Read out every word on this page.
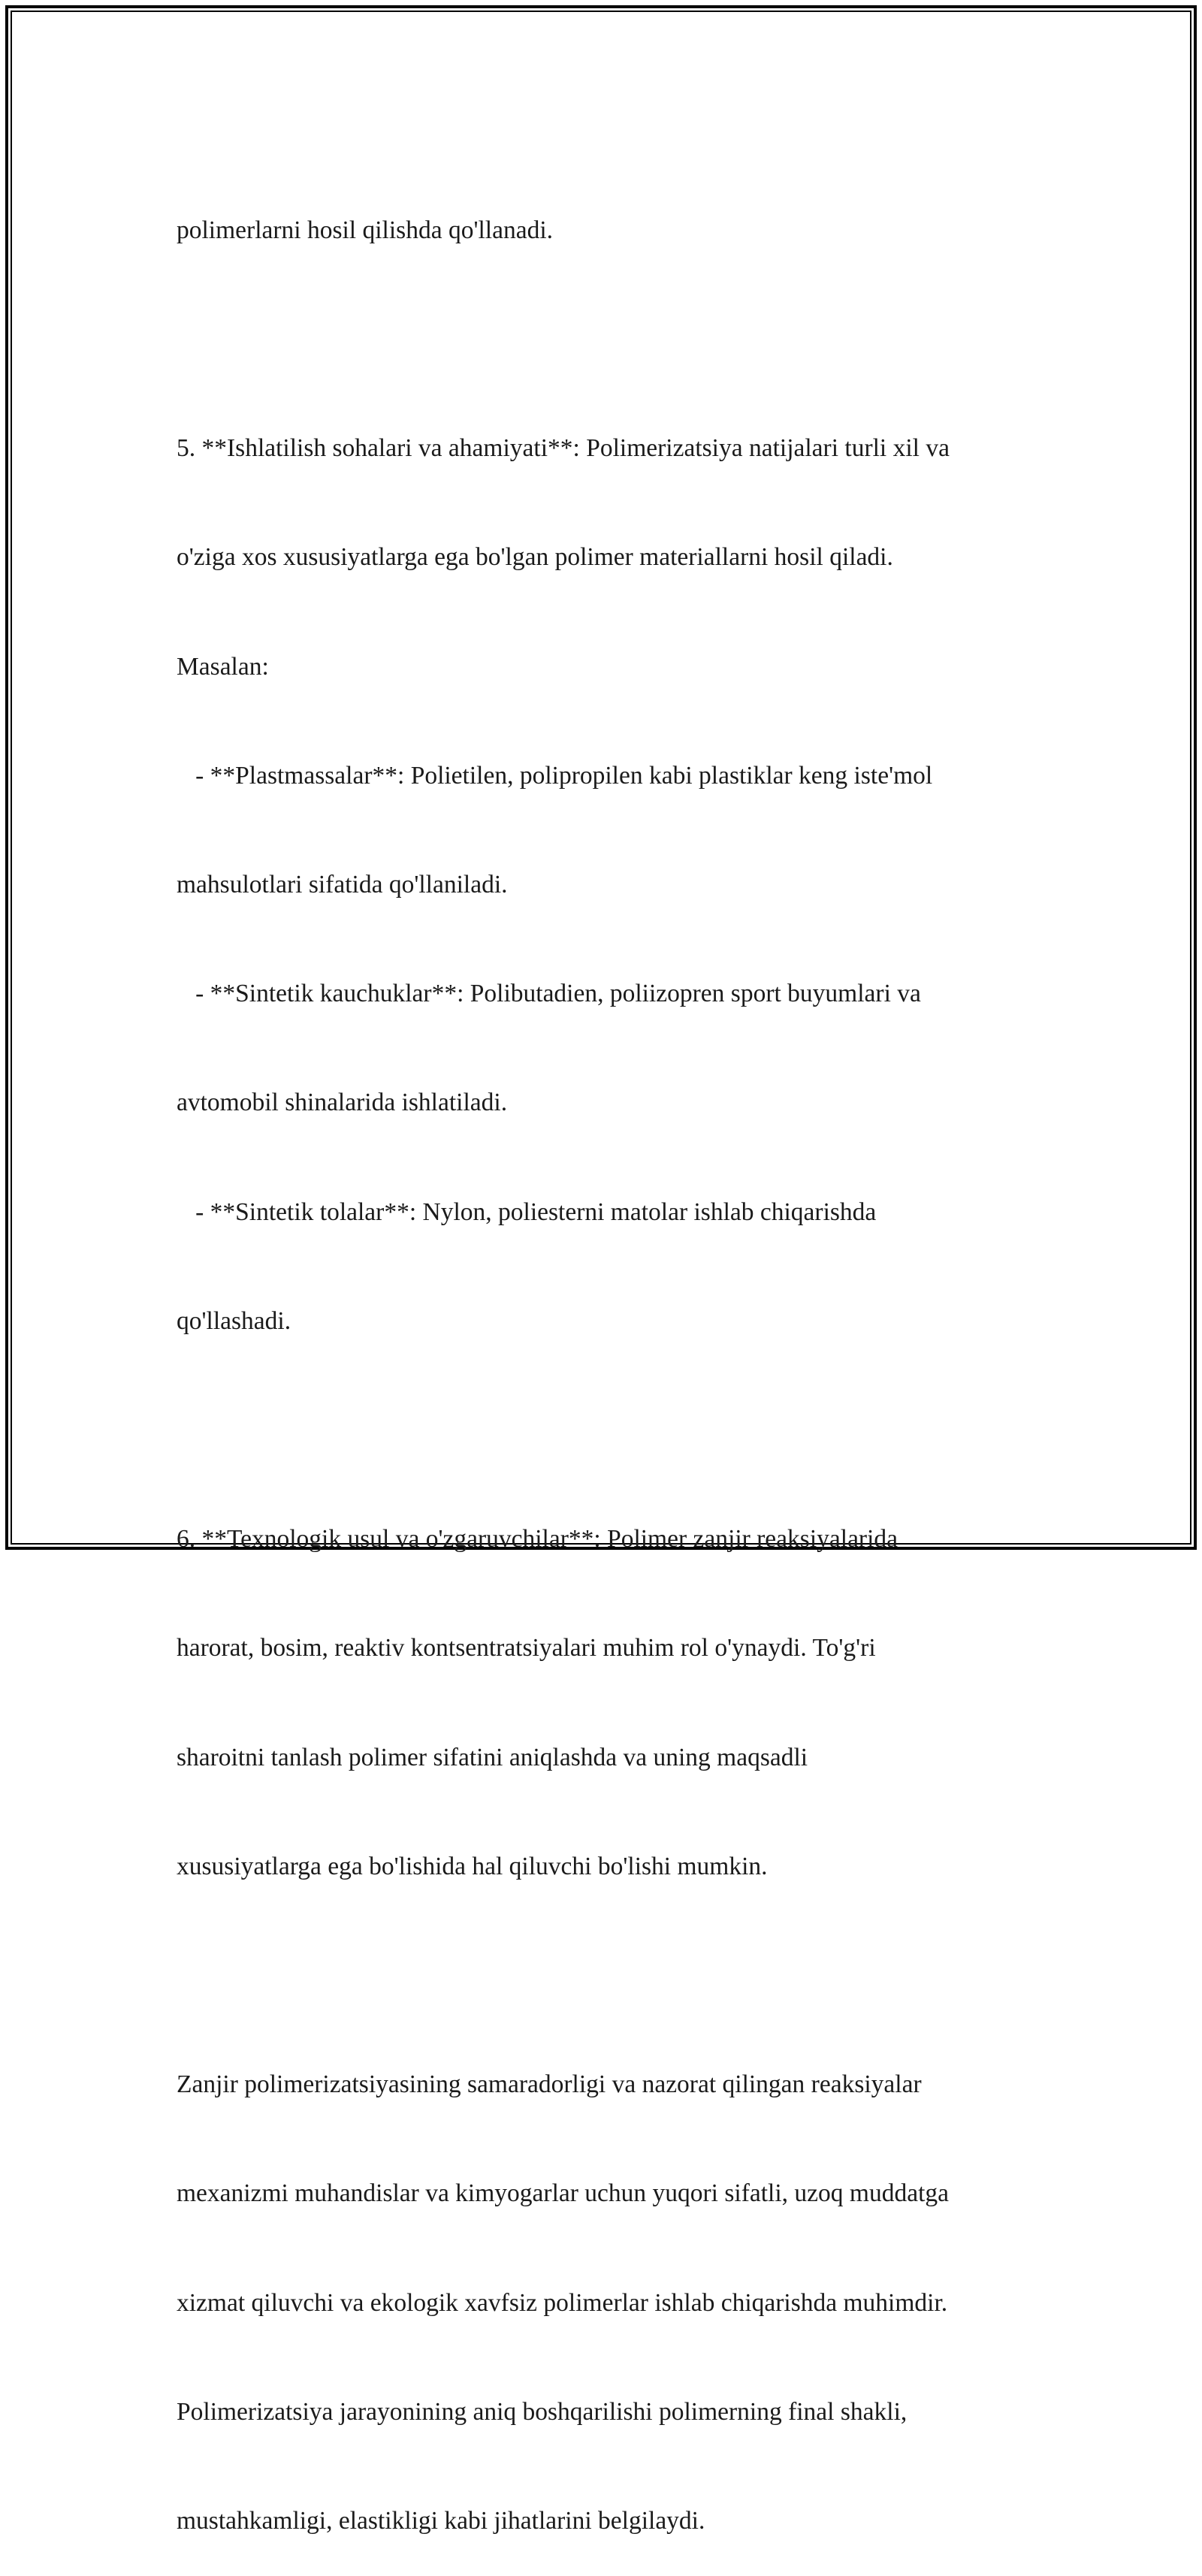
polimerlarni hosil qilishda qo'llanadi.

5. **Ishlatilish sohalari va ahamiyati**: Polimerizatsiya natijalari turli xil va

o'ziga xos xususiyatlarga ega bo'lgan polimer materiallarni hosil qiladi.

Masalan:

- **Plastmassalar**: Polietilen, polipropilen kabi plastiklar keng iste'mol

mahsulotlari sifatida qo'llaniladi.

- **Sintetik kauchuklar**: Polibutadien, poliizopren sport buyumlari va

avtomobil shinalarida ishlatiladi.

- **Sintetik tolalar**: Nylon, poliesterni matolar ishlab chiqarishda

qo'llashadi.

6. **Texnologik usul va o'zgaruvchilar**: Polimer zanjir reaksiyalarida

harorat, bosim, reaktiv kontsentratsiyalari muhim rol o'ynaydi. To'g'ri

sharoitni tanlash polimer sifatini aniqlashda va uning maqsadli

xususiyatlarga ega bo'lishida hal qiluvchi bo'lishi mumkin.

Zanjir polimerizatsiyasining samaradorligi va nazorat qilingan reaksiyalar

mexanizmi muhandislar va kimyogarlar uchun yuqori sifatli, uzoq muddatga

xizmat qiluvchi va ekologik xavfsiz polimerlar ishlab chiqarishda muhimdir.

Polimerizatsiya jarayonining aniq boshqarilishi polimerning final shakli,

mustahkamligi, elastikligi kabi jihatlarini belgilaydi.
